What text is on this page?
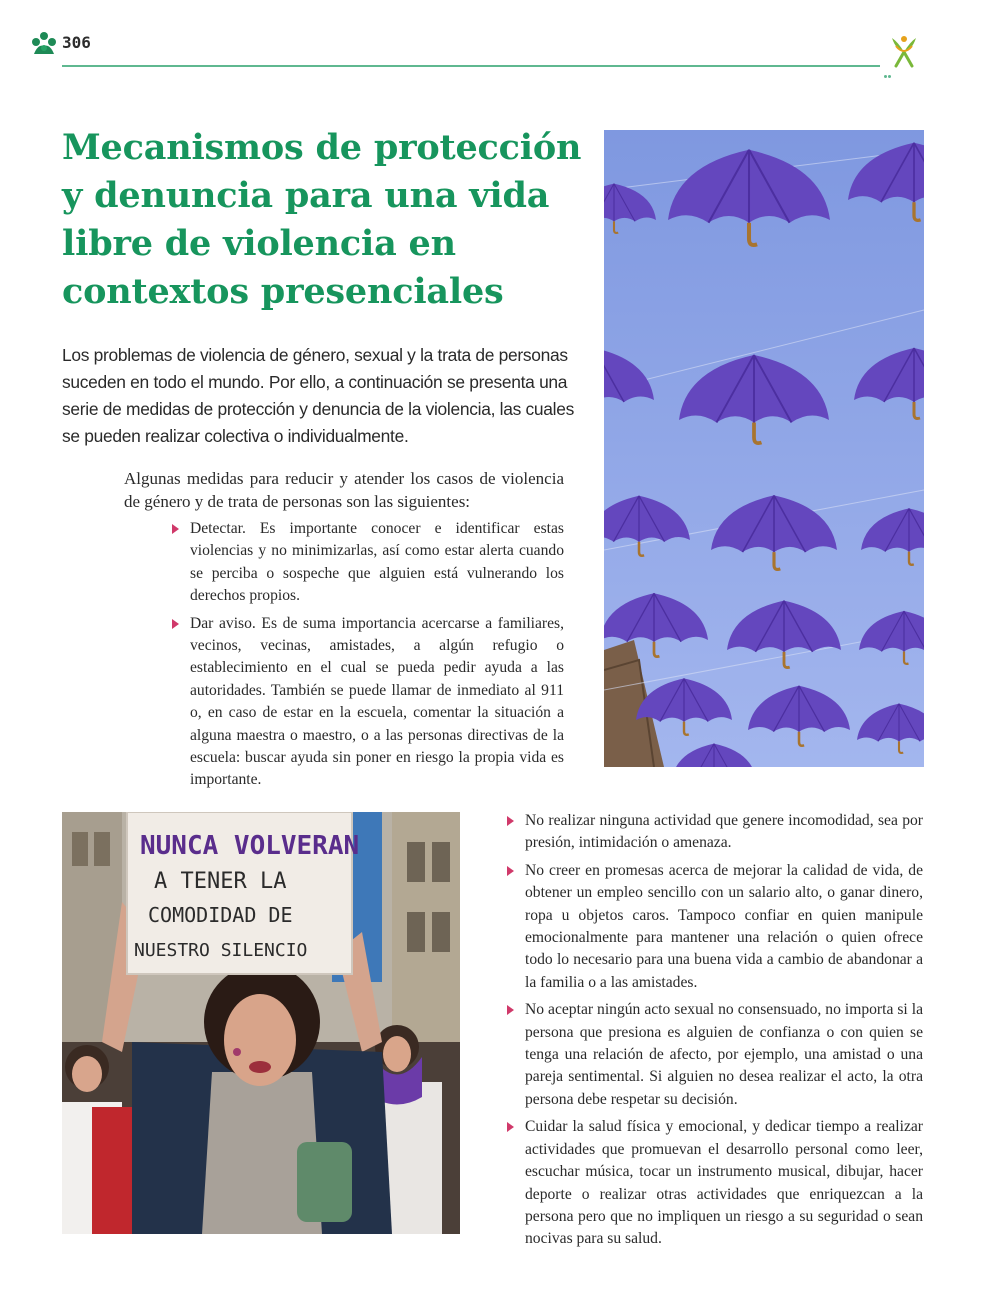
306
Mecanismos de protección
y denuncia para una vida
libre de violencia en
contextos presenciales

Los problemas de violencia de género, sexual y la trata de personas suceden en todo el mundo. Por ello, a continuación se presenta una serie de medidas de protección y denuncia de la violencia, las cuales se pueden realizar colectiva o individualmente.

Algunas medidas para reducir y atender los casos de violencia de género y de trata de personas son las siguientes:

Detectar. Es importante conocer e identificar estas violencias y no minimizarlas, así como estar alerta cuando se perciba o sospeche que alguien está vulnerando los derechos propios.
Dar aviso. Es de suma importancia acercarse a familiares, vecinos, vecinas, amistades, a algún refugio o establecimiento en el cual se pueda pedir ayuda a las autoridades. También se puede llamar de inmediato al 911 o, en caso de estar en la escuela, comentar la situación a alguna maestra o maestro, o a las personas directivas de la escuela: buscar ayuda sin poner en riesgo la propia vida es importante.
No realizar ninguna actividad que genere incomodidad, sea por presión, intimidación o amenaza.
No creer en promesas acerca de mejorar la calidad de vida, de obtener un empleo sencillo con un salario alto, o ganar dinero, ropa u objetos caros. Tampoco confiar en quien manipule emocionalmente para mantener una relación o quien ofrece todo lo necesario para una buena vida a cambio de abandonar a la familia o a las amistades.
No aceptar ningún acto sexual no consensuado, no importa si la persona que presiona es alguien de confianza o con quien se tenga una relación de afecto, por ejemplo, una amistad o una pareja sentimental. Si alguien no desea realizar el acto, la otra persona debe respetar su decisión.
Cuidar la salud física y emocional, y dedicar tiempo a realizar actividades que promuevan el desarrollo personal como leer, escuchar música, tocar un instrumento musical, dibujar, hacer deporte o realizar otras actividades que enriquezcan a la persona pero que no impliquen un riesgo a su seguridad o sean nocivas para su salud.
NUNCA VOLVERAN
A TENER LA
COMODIDAD DE
NUESTRO SILENCIO
